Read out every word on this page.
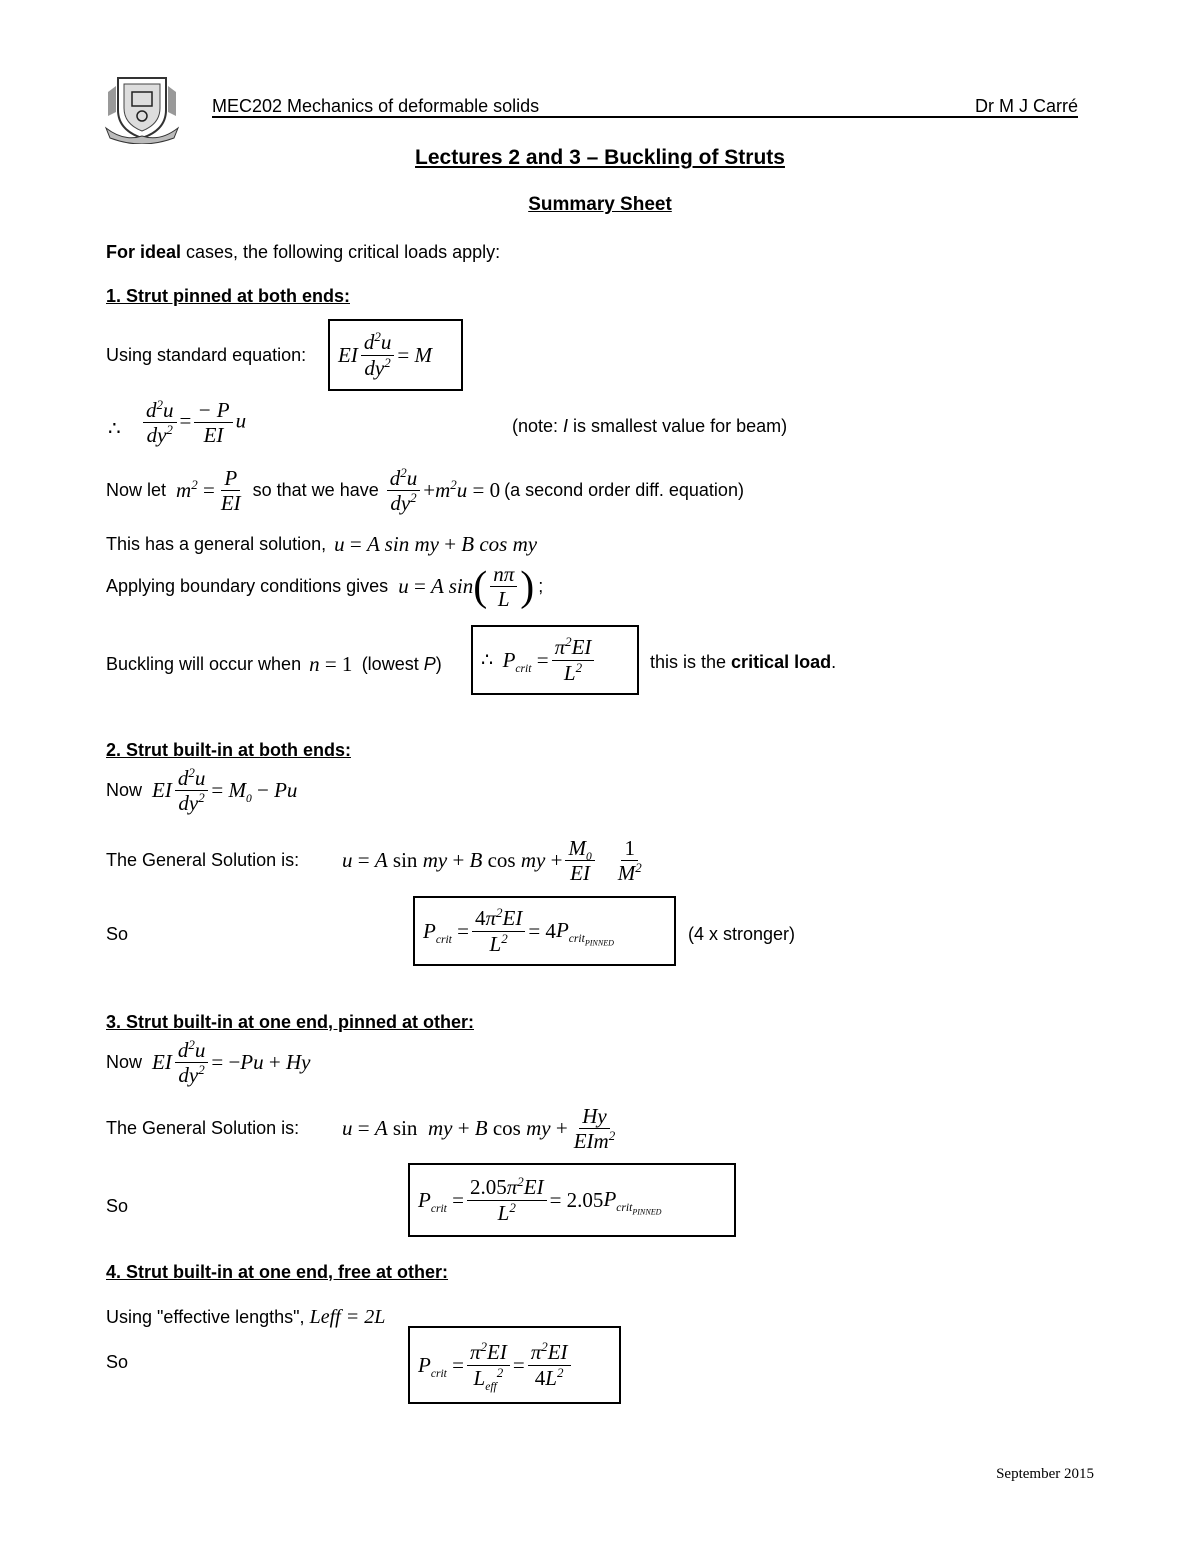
MEC202 Mechanics of deformable solids	Dr M J Carré
Lectures 2 and 3 – Buckling of Struts
Summary Sheet
For ideal cases, the following critical loads apply:
1. Strut pinned at both ends:
Using standard equation: EI $\frac{d^2u}{dy^2} = M$
∴ $\frac{d^2u}{dy^2} = \frac{- P}{EI}$ u	(note: I is smallest value for beam)
Now let $m^2 = \frac{P}{EI}$ so that we have $\frac{d^2u}{dy^2} + m^2u = 0$ (a second order diff. equation)
This has a general solution, u = A sin my + B cos my
Applying boundary conditions gives u = A sin ( $\frac{n\pi}{L}$ ) ;
Buckling will occur when n = 1 (lowest P ) ∴ $P_{crit} = \frac{\pi^2EI}{L^2}$	this is the critical load.
2. Strut built-in at both ends:
Now EI $\frac{d^2u}{dy^2} = M_0 - Pu$
The General Solution is:	u = A sin my + B cos my + $\frac{M_0}{EI} \frac{1}{M^2}$
So	$P_{crit} = \frac{4\pi^2EI}{L^2} = 4$ $P_{crit_{PINNED}}$	(4 x stronger)
3. Strut built-in at one end, pinned at other:
Now EI $\frac{d^2u}{dy^2}$ = − Pu + Hy
The General Solution is:	u = A sin my + B cos my + $\frac{Hy}{EIm^2}$
So	$P_{crit} = \frac{2.05\pi^2EI}{L^2} = 2.05$ $P_{crit_{PINNED}}$
4. Strut built-in at one end, free at other:
Using "effective lengths", Leff = 2L
So	$P_{crit} = \frac{\pi^2EI}{L_{eff}^2} = \frac{\pi^2EI}{4L^2}$
September 2015
